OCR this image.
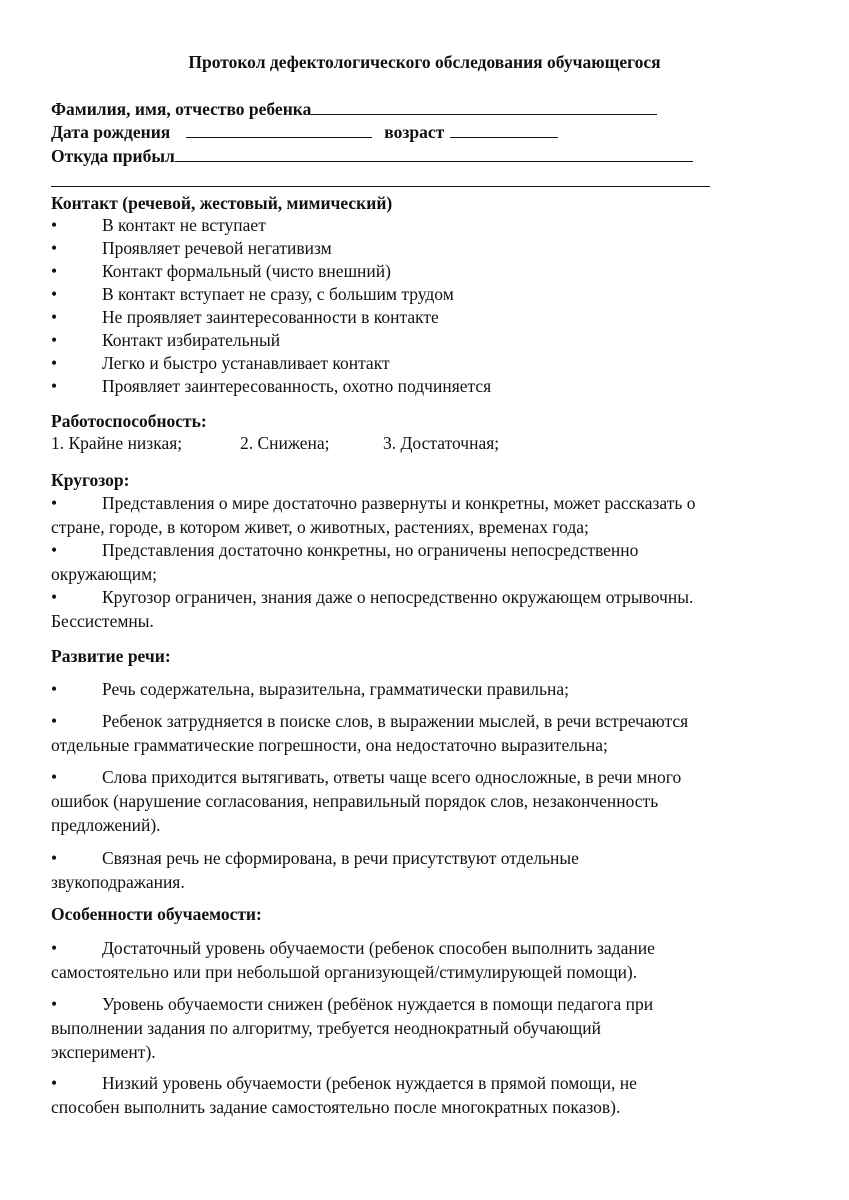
Протокол дефектологического обследования обучающегося
Фамилия, имя, отчество ребенка
Дата рождения	возраст
Откуда прибыл
Контакт (речевой, жестовый, мимический)
•	В контакт не вступает
•	Проявляет речевой негативизм
•	Контакт формальный (чисто внешний)
•	В контакт вступает не сразу, с большим трудом
•	Не проявляет заинтересованности в контакте
•	Контакт избирательный
•	Легко и быстро устанавливает контакт
•	Проявляет заинтересованность, охотно подчиняется
Работоспособность:
1. Крайне низкая;	2. Снижена;	3. Достаточная;
Кругозор:
•	Представления о мире достаточно развернуты и конкретны, может рассказать о
стране, городе, в котором живет, о животных, растениях, временах года;
•	Представления достаточно конкретны, но ограничены непосредственно
окружающим;
•	Кругозор ограничен, знания даже о непосредственно окружающем отрывочны.
Бессистемны.
Развитие речи:
•	Речь содержательна, выразительна, грамматически правильна;
•	Ребенок затрудняется в поиске слов, в выражении мыслей, в речи встречаются
отдельные грамматические погрешности, она недостаточно выразительна;
•	Слова приходится вытягивать, ответы чаще всего односложные, в речи много
ошибок (нарушение согласования, неправильный порядок слов, незаконченность
предложений).
•	Связная речь не сформирована, в речи присутствуют отдельные
звукоподражания.
Особенности обучаемости:
•	Достаточный уровень обучаемости (ребенок способен выполнить задание
самостоятельно или при небольшой организующей/стимулирующей помощи).
•	Уровень обучаемости снижен (ребёнок нуждается в помощи педагога при
выполнении задания по алгоритму, требуется неоднократный обучающий
эксперимент).
•	Низкий уровень обучаемости (ребенок нуждается в прямой помощи, не
способен выполнить задание самостоятельно после многократных показов).
